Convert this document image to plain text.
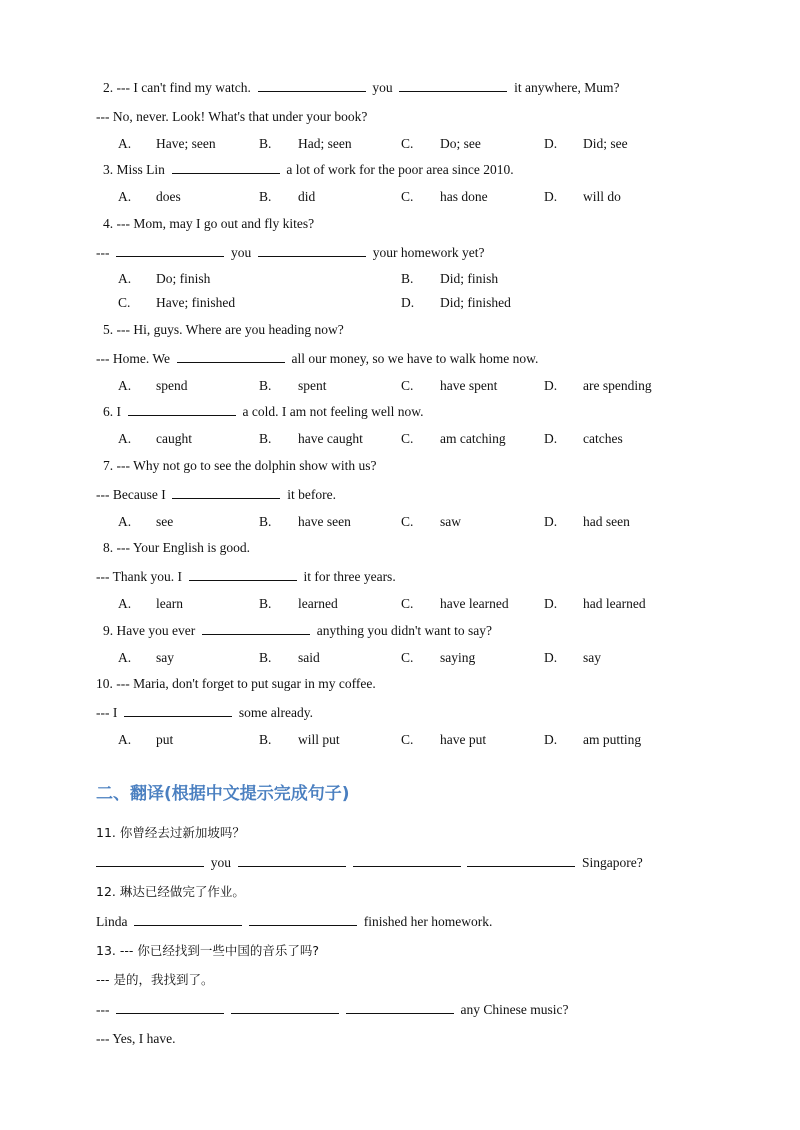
2. --- I can't find my watch.	you	it anywhere, Mum?
--- No, never. Look! What's that under your book?
A. Have; seen	B. Had; seen	C. Do; see	D. Did; see
3. Miss Lin	a lot of work for the poor area since 2010.
A. does	B. did	C. has done	D. will do
4. --- Mom, may I go out and fly kites?
---	you	your homework yet?
A. Do; finish	B. Did; finish
C. Have; finished	D. Did; finished
5. --- Hi, guys. Where are you heading now?
--- Home. We	all our money, so we have to walk home now.
A. spend	B. spent	C. have spent	D. are spending
6. I	a cold. I am not feeling well now.
A. caught	B. have caught	C. am catching	D. catches
7. --- Why not go to see the dolphin show with us?
--- Because I	it before.
A. see	B. have seen	C. saw	D. had seen
8. --- Your English is good.
--- Thank you. I	it for three years.
A. learn	B. learned	C. have learned	D. had learned
9. Have you ever	anything you didn't want to say?
A. say	B. said	C. saying	D. say
10. --- Maria, don't forget to put sugar in my coffee.
--- I	some already.
A. put	B. will put	C. have put	D. am putting
二、翻译(根据中文提示完成句子)
11. 你曾经去过新加坡吗？
you	Singapore?
12. 琳达已经做完了作业。
Linda	finished her homework.
13. --- 你已经找到一些中国的音乐了吗?
--- 是的，我找到了。
---	any Chinese music?
--- Yes, I have.
